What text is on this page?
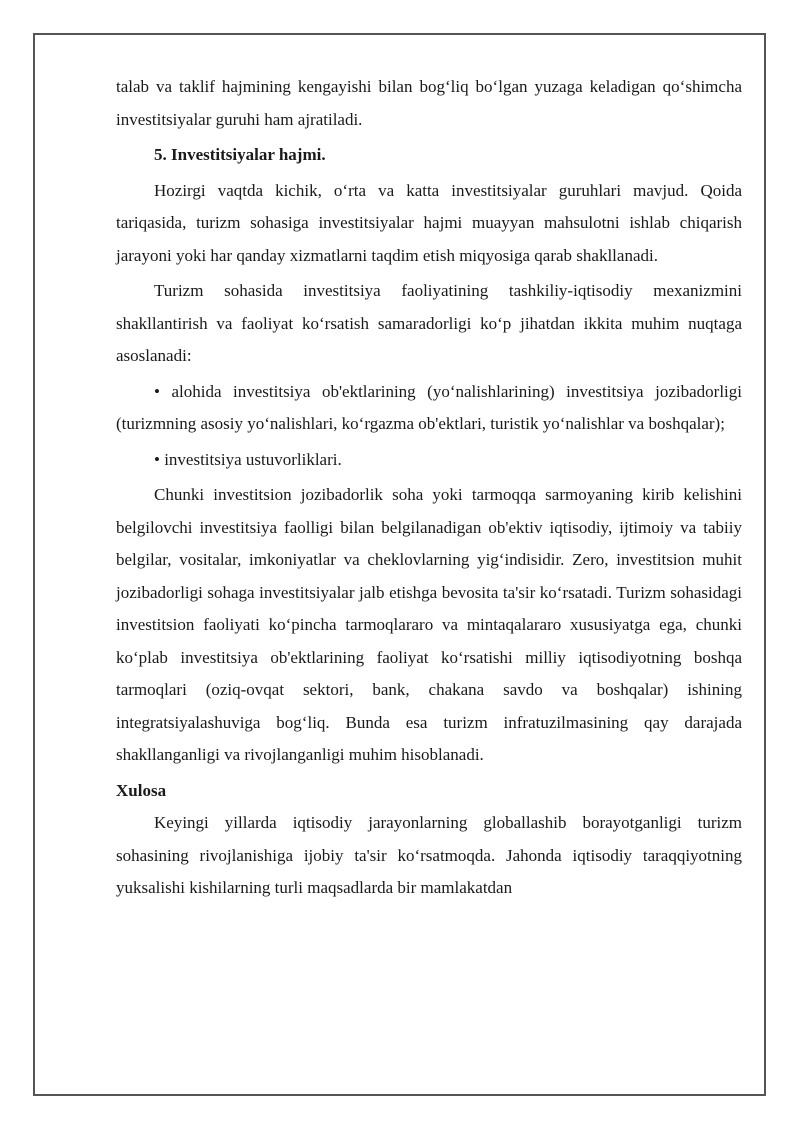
talab va taklif hajmining kengayishi bilan bog‘liq bo‘lgan yuzaga keladigan qo‘shimcha investitsiyalar guruhi ham ajratiladi.

5. Investitsiyalar hajmi.

Hozirgi vaqtda kichik, o‘rta va katta investitsiyalar guruhlari mavjud. Qoida tariqasida, turizm sohasiga investitsiyalar hajmi muayyan mahsulotni ishlab chiqarish jarayoni yoki har qanday xizmatlarni taqdim etish miqyosiga qarab shakllanadi.

Turizm sohasida investitsiya faoliyatining tashkiliy-iqtisodiy mexanizmini shakllantirish va faoliyat ko‘rsatish samaradorligi ko‘p jihatdan ikkita muhim nuqtaga asoslanadi:

• alohida investitsiya ob'ektlarining (yo‘nalishlarining) investitsiya jozibadorligi (turizmning asosiy yo‘nalishlari, ko‘rgazma ob'ektlari, turistik yo‘nalishlar va boshqalar);

• investitsiya ustuvorliklari.

Chunki investitsion jozibadorlik soha yoki tarmoqqa sarmoyaning kirib kelishini belgilovchi investitsiya faolligi bilan belgilanadigan ob'ektiv iqtisodiy, ijtimoiy va tabiiy belgilar, vositalar, imkoniyatlar va cheklovlarning yig‘indisidir. Zero, investitsion muhit jozibadorligi sohaga investitsiyalar jalb etishga bevosita ta'sir ko‘rsatadi. Turizm sohasidagi investitsion faoliyati ko‘pincha tarmoqlararo va mintaqalararo xususiyatga ega, chunki ko‘plab investitsiya ob'ektlarining faoliyat ko‘rsatishi milliy iqtisodiyotning boshqa tarmoqlari (oziq-ovqat sektori, bank, chakana savdo va boshqalar) ishining integratsiyalashuviga bog‘liq. Bunda esa turizm infratuzilmasining qay darajada shakllanganligi va rivojlanganligi muhim hisoblanadi.

Xulosa

Keyingi yillarda iqtisodiy jarayonlarning globallashib borayotganligi turizm sohasining rivojlanishiga ijobiy ta'sir ko‘rsatmoqda. Jahonda iqtisodiy taraqqiyotning yuksalishi kishilarning turli maqsadlarda bir mamlakatdan
